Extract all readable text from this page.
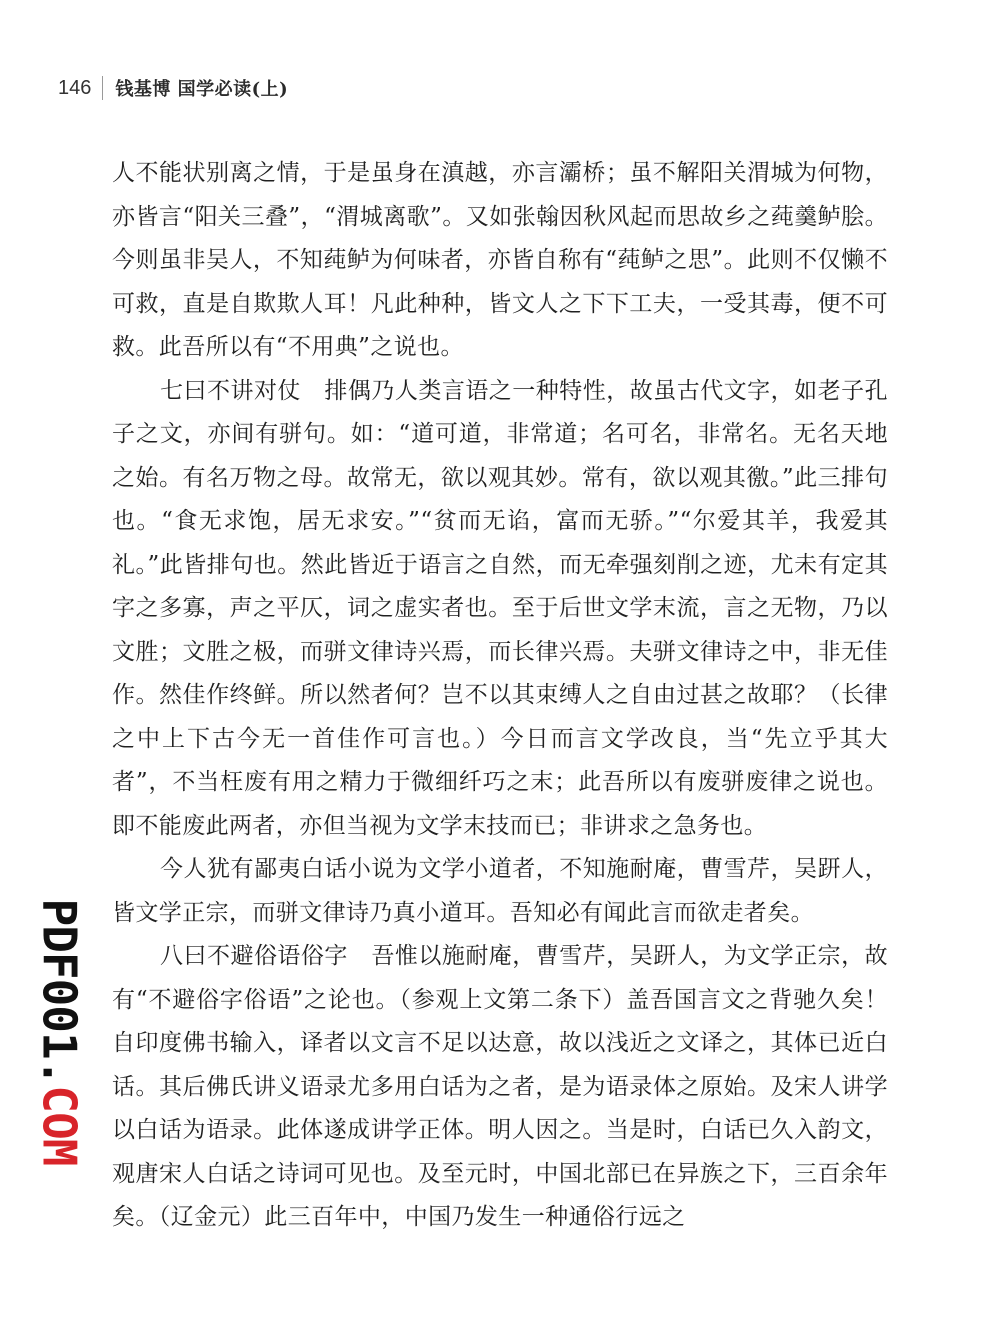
146 钱基博 国学必读(上)

人不能状别离之情，于是虽身在滇越，亦言灞桥；虽不解阳关渭城为何物，亦皆言“阳关三叠”，“渭城离歌”。又如张翰因秋风起而思故乡之莼羹鲈脍。今则虽非吴人，不知莼鲈为何味者，亦皆自称有“莼鲈之思”。此则不仅懒不可救，直是自欺欺人耳！凡此种种，皆文人之下下工夫，一受其毒，便不可救。此吾所以有“不用典”之说也。

七曰不讲对仗　排偶乃人类言语之一种特性，故虽古代文字，如老子孔子之文，亦间有骈句。如：“道可道，非常道；名可名，非常名。无名天地之始。有名万物之母。故常无，欲以观其妙。常有，欲以观其徼。”此三排句也。“食无求饱，居无求安。”“贫而无谄，富而无骄。”“尔爱其羊，我爱其礼。”此皆排句也。然此皆近于语言之自然，而无牵强刻削之迹，尤未有定其字之多寡，声之平仄，词之虚实者也。至于后世文学末流，言之无物，乃以文胜；文胜之极，而骈文律诗兴焉，而长律兴焉。夫骈文律诗之中，非无佳作。然佳作终鲜。所以然者何？岂不以其束缚人之自由过甚之故耶？（长律之中上下古今无一首佳作可言也。）今日而言文学改良，当“先立乎其大者”，不当枉废有用之精力于微细纤巧之末；此吾所以有废骈废律之说也。即不能废此两者，亦但当视为文学末技而已；非讲求之急务也。

今人犹有鄙夷白话小说为文学小道者，不知施耐庵，曹雪芹，吴趼人，皆文学正宗，而骈文律诗乃真小道耳。吾知必有闻此言而欲走者矣。

八曰不避俗语俗字　吾惟以施耐庵，曹雪芹，吴趼人，为文学正宗，故有“不避俗字俗语”之论也。（参观上文第二条下）盖吾国言文之背驰久矣！自印度佛书输入，译者以文言不足以达意，故以浅近之文译之，其体已近白话。其后佛氏讲义语录尤多用白话为之者，是为语录体之原始。及宋人讲学以白话为语录。此体遂成讲学正体。明人因之。当是时，白话已久入韵文，观唐宋人白话之诗词可见也。及至元时，中国北部已在异族之下，三百余年矣。（辽金元）此三百年中，中国乃发生一种通俗行远之

PDF001.COM
